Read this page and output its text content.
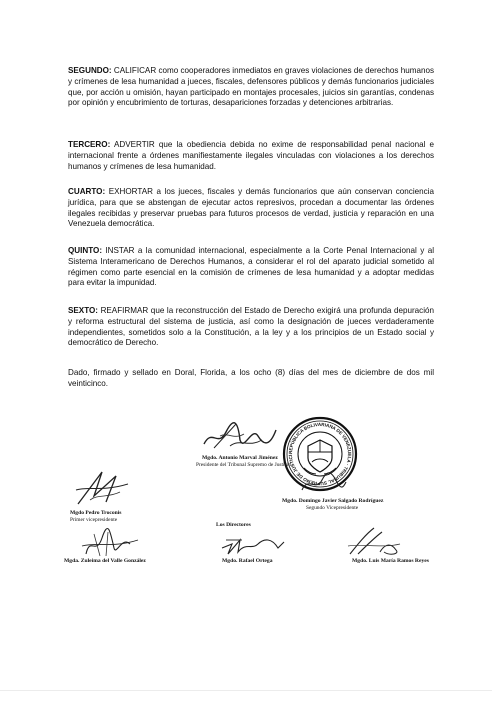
SEGUNDO: CALIFICAR como cooperadores inmediatos en graves violaciones de derechos humanos y crímenes de lesa humanidad a jueces, fiscales, defensores públicos y demás funcionarios judiciales que, por acción u omisión, hayan participado en montajes procesales, juicios sin garantías, condenas por opinión y encubrimiento de torturas, desapariciones forzadas y detenciones arbitrarias.

TERCERO: ADVERTIR que la obediencia debida no exime de responsabilidad penal nacional e internacional frente a órdenes manifiestamente ilegales vinculadas con violaciones a los derechos humanos y crímenes de lesa humanidad.

CUARTO: EXHORTAR a los jueces, fiscales y demás funcionarios que aún conservan conciencia jurídica, para que se abstengan de ejecutar actos represivos, procedan a documentar las órdenes ilegales recibidas y preservar pruebas para futuros procesos de verdad, justicia y reparación en una Venezuela democrática.

QUINTO: INSTAR a la comunidad internacional, especialmente a la Corte Penal Internacional y al Sistema Interamericano de Derechos Humanos, a considerar el rol del aparato judicial sometido al régimen como parte esencial en la comisión de crímenes de lesa humanidad y a adoptar medidas para evitar la impunidad.

SEXTO: REAFIRMAR que la reconstrucción del Estado de Derecho exigirá una profunda depuración y reforma estructural del sistema de justicia, así como la designación de jueces verdaderamente independientes, sometidos solo a la Constitución, a la ley y a los principios de un Estado social y democrático de Derecho.

Dado, firmado y sellado en Doral, Florida, a los ocho (8) días del mes de diciembre de dos mil veinticinco.

Mgdo. Antonio Marval Jiménez
Presidente del Tribunal Supremo de Justicia
REPÚBLICA BOLIVARIANA DE VENEZUELA · TRIBUNAL SUPREMO DE JUSTICI
Mgdo Pedro Troconis
Primer vicepresidente
Mgdo. Domingo Javier Salgado Rodríguez
Segundo Vicepresidente
Los Directores
Mgda. Zuleima del Valle González	Mgdo. Rafael Ortega	Mgdo. Luis María Ramos Reyes
